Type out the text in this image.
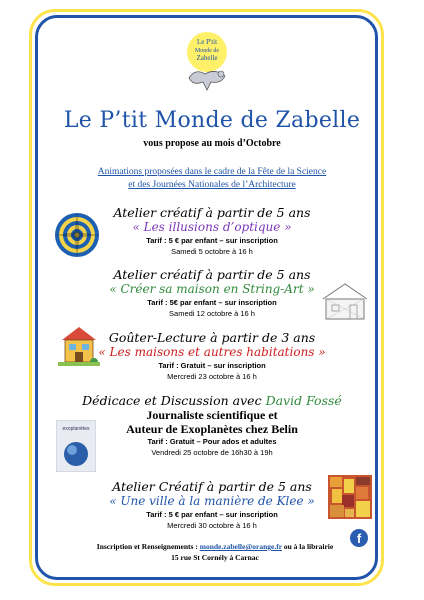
Le P'tit
Monde de
Zabelle
Le P’tit Monde de Zabelle
vous propose au mois d’Octobre
Animations proposées dans le cadre de la Fête de la Science
et des Journées Nationales de l’Architecture
Atelier créatif à partir de 5 ans
« Les illusions d’optique »
Tarif : 5 € par enfant – sur inscription
Samedi 5 octobre à 16 h
Atelier créatif à partir de 5 ans
« Créer sa maison en String-Art »
Tarif : 5€ par enfant – sur inscription
Samedi 12 octobre à 16 h
Goûter-Lecture à partir de 3 ans
« Les maisons et autres habitations »
Tarif : Gratuit – sur inscription
Mercredi 23 octobre à 16 h
Dédicace et Discussion avec David Fossé
Journaliste scientifique et
Auteur de Exoplanètes chez Belin
Tarif : Gratuit – Pour ados et adultes
Vendredi 25 octobre de 16h30 à 19h
exoplanètes
Atelier Créatif à partir de 5 ans
« Une ville à la manière de Klee »
Tarif : 5 € par enfant – sur inscription
Mercredi 30 octobre à 16 h
Inscription et Renseignements : monde.zabelle@orange.fr ou à la librairie
15 rue St Cornély à Carnac
f
